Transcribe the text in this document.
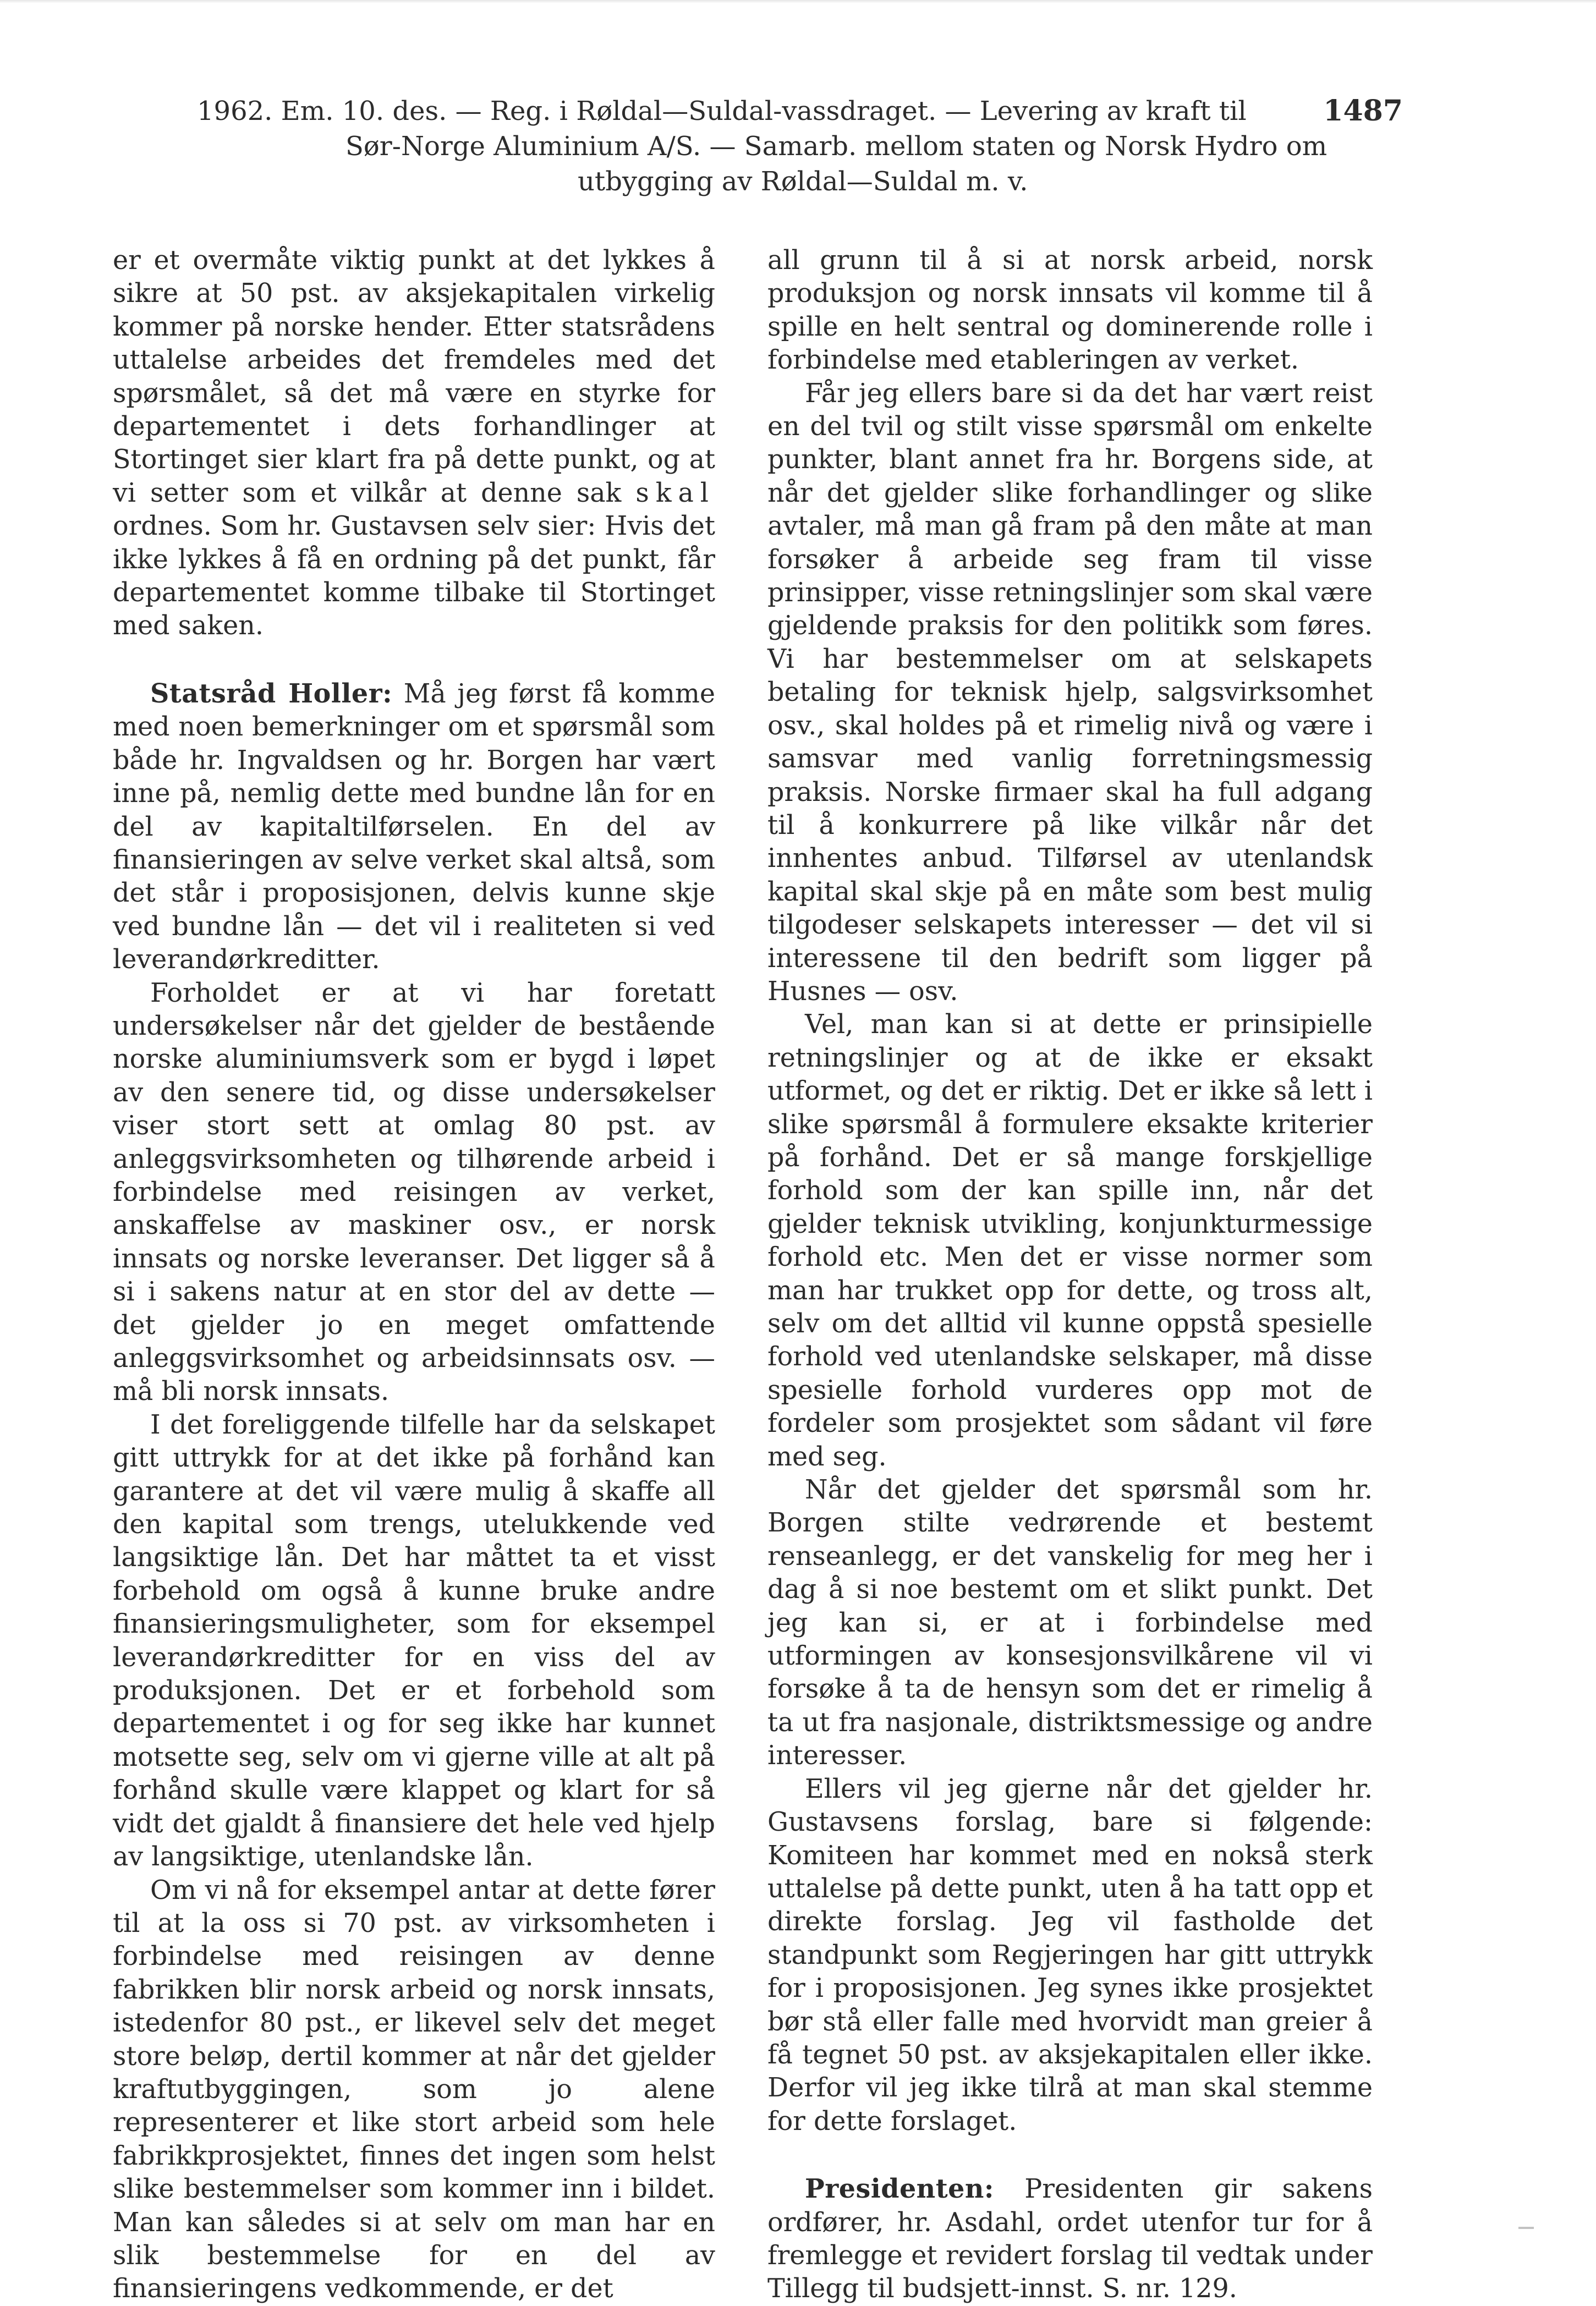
1962. Em. 10. des. — Reg. i Røldal—Suldal-vassdraget. — Levering av kraft til	1487
Sør-Norge Aluminium A/S. — Samarb. mellom staten og Norsk Hydro om
utbygging av Røldal—Suldal m. v.

er et overmåte viktig punkt at det lykkes å sikre at 50 pst. av aksjekapitalen virkelig kommer på norske hender. Etter statsrådens uttalelse arbeides det fremdeles med det spørsmålet, så det må være en styrke for departementet i dets forhandlinger at Stortinget sier klart fra på dette punkt, og at vi setter som et vilkår at denne sak skal ordnes. Som hr. Gustavsen selv sier: Hvis det ikke lykkes å få en ordning på det punkt, får departementet komme tilbake til Stortinget med saken.

Statsråd Holler: Må jeg først få komme med noen bemerkninger om et spørsmål som både hr. Ingvaldsen og hr. Borgen har vært inne på, nemlig dette med bundne lån for en del av kapitaltilførselen. En del av finansieringen av selve verket skal altså, som det står i proposisjonen, delvis kunne skje ved bundne lån — det vil i realiteten si ved leverandørkreditter.

Forholdet er at vi har foretatt undersøkelser når det gjelder de bestående norske aluminiumsverk som er bygd i løpet av den senere tid, og disse undersøkelser viser stort sett at omlag 80 pst. av anleggsvirksomheten og tilhørende arbeid i forbindelse med reisingen av verket, anskaffelse av maskiner osv., er norsk innsats og norske leveranser. Det ligger så å si i sakens natur at en stor del av dette — det gjelder jo en meget omfattende anleggsvirksomhet og arbeidsinnsats osv. — må bli norsk innsats.

I det foreliggende tilfelle har da selskapet gitt uttrykk for at det ikke på forhånd kan garantere at det vil være mulig å skaffe all den kapital som trengs, utelukkende ved langsiktige lån. Det har måttet ta et visst forbehold om også å kunne bruke andre finansieringsmuligheter, som for eksempel leverandørkreditter for en viss del av produksjonen. Det er et forbehold som departementet i og for seg ikke har kunnet motsette seg, selv om vi gjerne ville at alt på forhånd skulle være klappet og klart for så vidt det gjaldt å finansiere det hele ved hjelp av langsiktige, utenlandske lån.

Om vi nå for eksempel antar at dette fører til at la oss si 70 pst. av virksomheten i forbindelse med reisingen av denne fabrikken blir norsk arbeid og norsk innsats, istedenfor 80 pst., er likevel selv det meget store beløp, dertil kommer at når det gjelder kraftutbyggingen, som jo alene representerer et like stort arbeid som hele fabrikkprosjektet, finnes det ingen som helst slike bestemmelser som kommer inn i bildet. Man kan således si at selv om man har en slik bestemmelse for en del av finansieringens vedkommende, er det

all grunn til å si at norsk arbeid, norsk produksjon og norsk innsats vil komme til å spille en helt sentral og dominerende rolle i forbindelse med etableringen av verket.

Får jeg ellers bare si da det har vært reist en del tvil og stilt visse spørsmål om enkelte punkter, blant annet fra hr. Borgens side, at når det gjelder slike forhandlinger og slike avtaler, må man gå fram på den måte at man forsøker å arbeide seg fram til visse prinsipper, visse retningslinjer som skal være gjeldende praksis for den politikk som føres. Vi har bestemmelser om at selskapets betaling for teknisk hjelp, salgsvirksomhet osv., skal holdes på et rimelig nivå og være i samsvar med vanlig forretningsmessig praksis. Norske firmaer skal ha full adgang til å konkurrere på like vilkår når det innhentes anbud. Tilførsel av utenlandsk kapital skal skje på en måte som best mulig tilgodeser selskapets interesser — det vil si interessene til den bedrift som ligger på Husnes — osv.

Vel, man kan si at dette er prinsipielle retningslinjer og at de ikke er eksakt utformet, og det er riktig. Det er ikke så lett i slike spørsmål å formulere eksakte kriterier på forhånd. Det er så mange forskjellige forhold som der kan spille inn, når det gjelder teknisk utvikling, konjunkturmessige forhold etc. Men det er visse normer som man har trukket opp for dette, og tross alt, selv om det alltid vil kunne oppstå spesielle forhold ved utenlandske selskaper, må disse spesielle forhold vurderes opp mot de fordeler som prosjektet som sådant vil føre med seg.

Når det gjelder det spørsmål som hr. Borgen stilte vedrørende et bestemt renseanlegg, er det vanskelig for meg her i dag å si noe bestemt om et slikt punkt. Det jeg kan si, er at i forbindelse med utformingen av konsesjonsvilkårene vil vi forsøke å ta de hensyn som det er rimelig å ta ut fra nasjonale, distriktsmessige og andre interesser.

Ellers vil jeg gjerne når det gjelder hr. Gustavsens forslag, bare si følgende: Komiteen har kommet med en nokså sterk uttalelse på dette punkt, uten å ha tatt opp et direkte forslag. Jeg vil fastholde det standpunkt som Regjeringen har gitt uttrykk for i proposisjonen. Jeg synes ikke prosjektet bør stå eller falle med hvorvidt man greier å få tegnet 50 pst. av aksjekapitalen eller ikke. Derfor vil jeg ikke tilrå at man skal stemme for dette forslaget.

Presidenten: Presidenten gir sakens ordfører, hr. Asdahl, ordet utenfor tur for å fremlegge et revidert forslag til vedtak under Tillegg til budsjett-innst. S. nr. 129.
